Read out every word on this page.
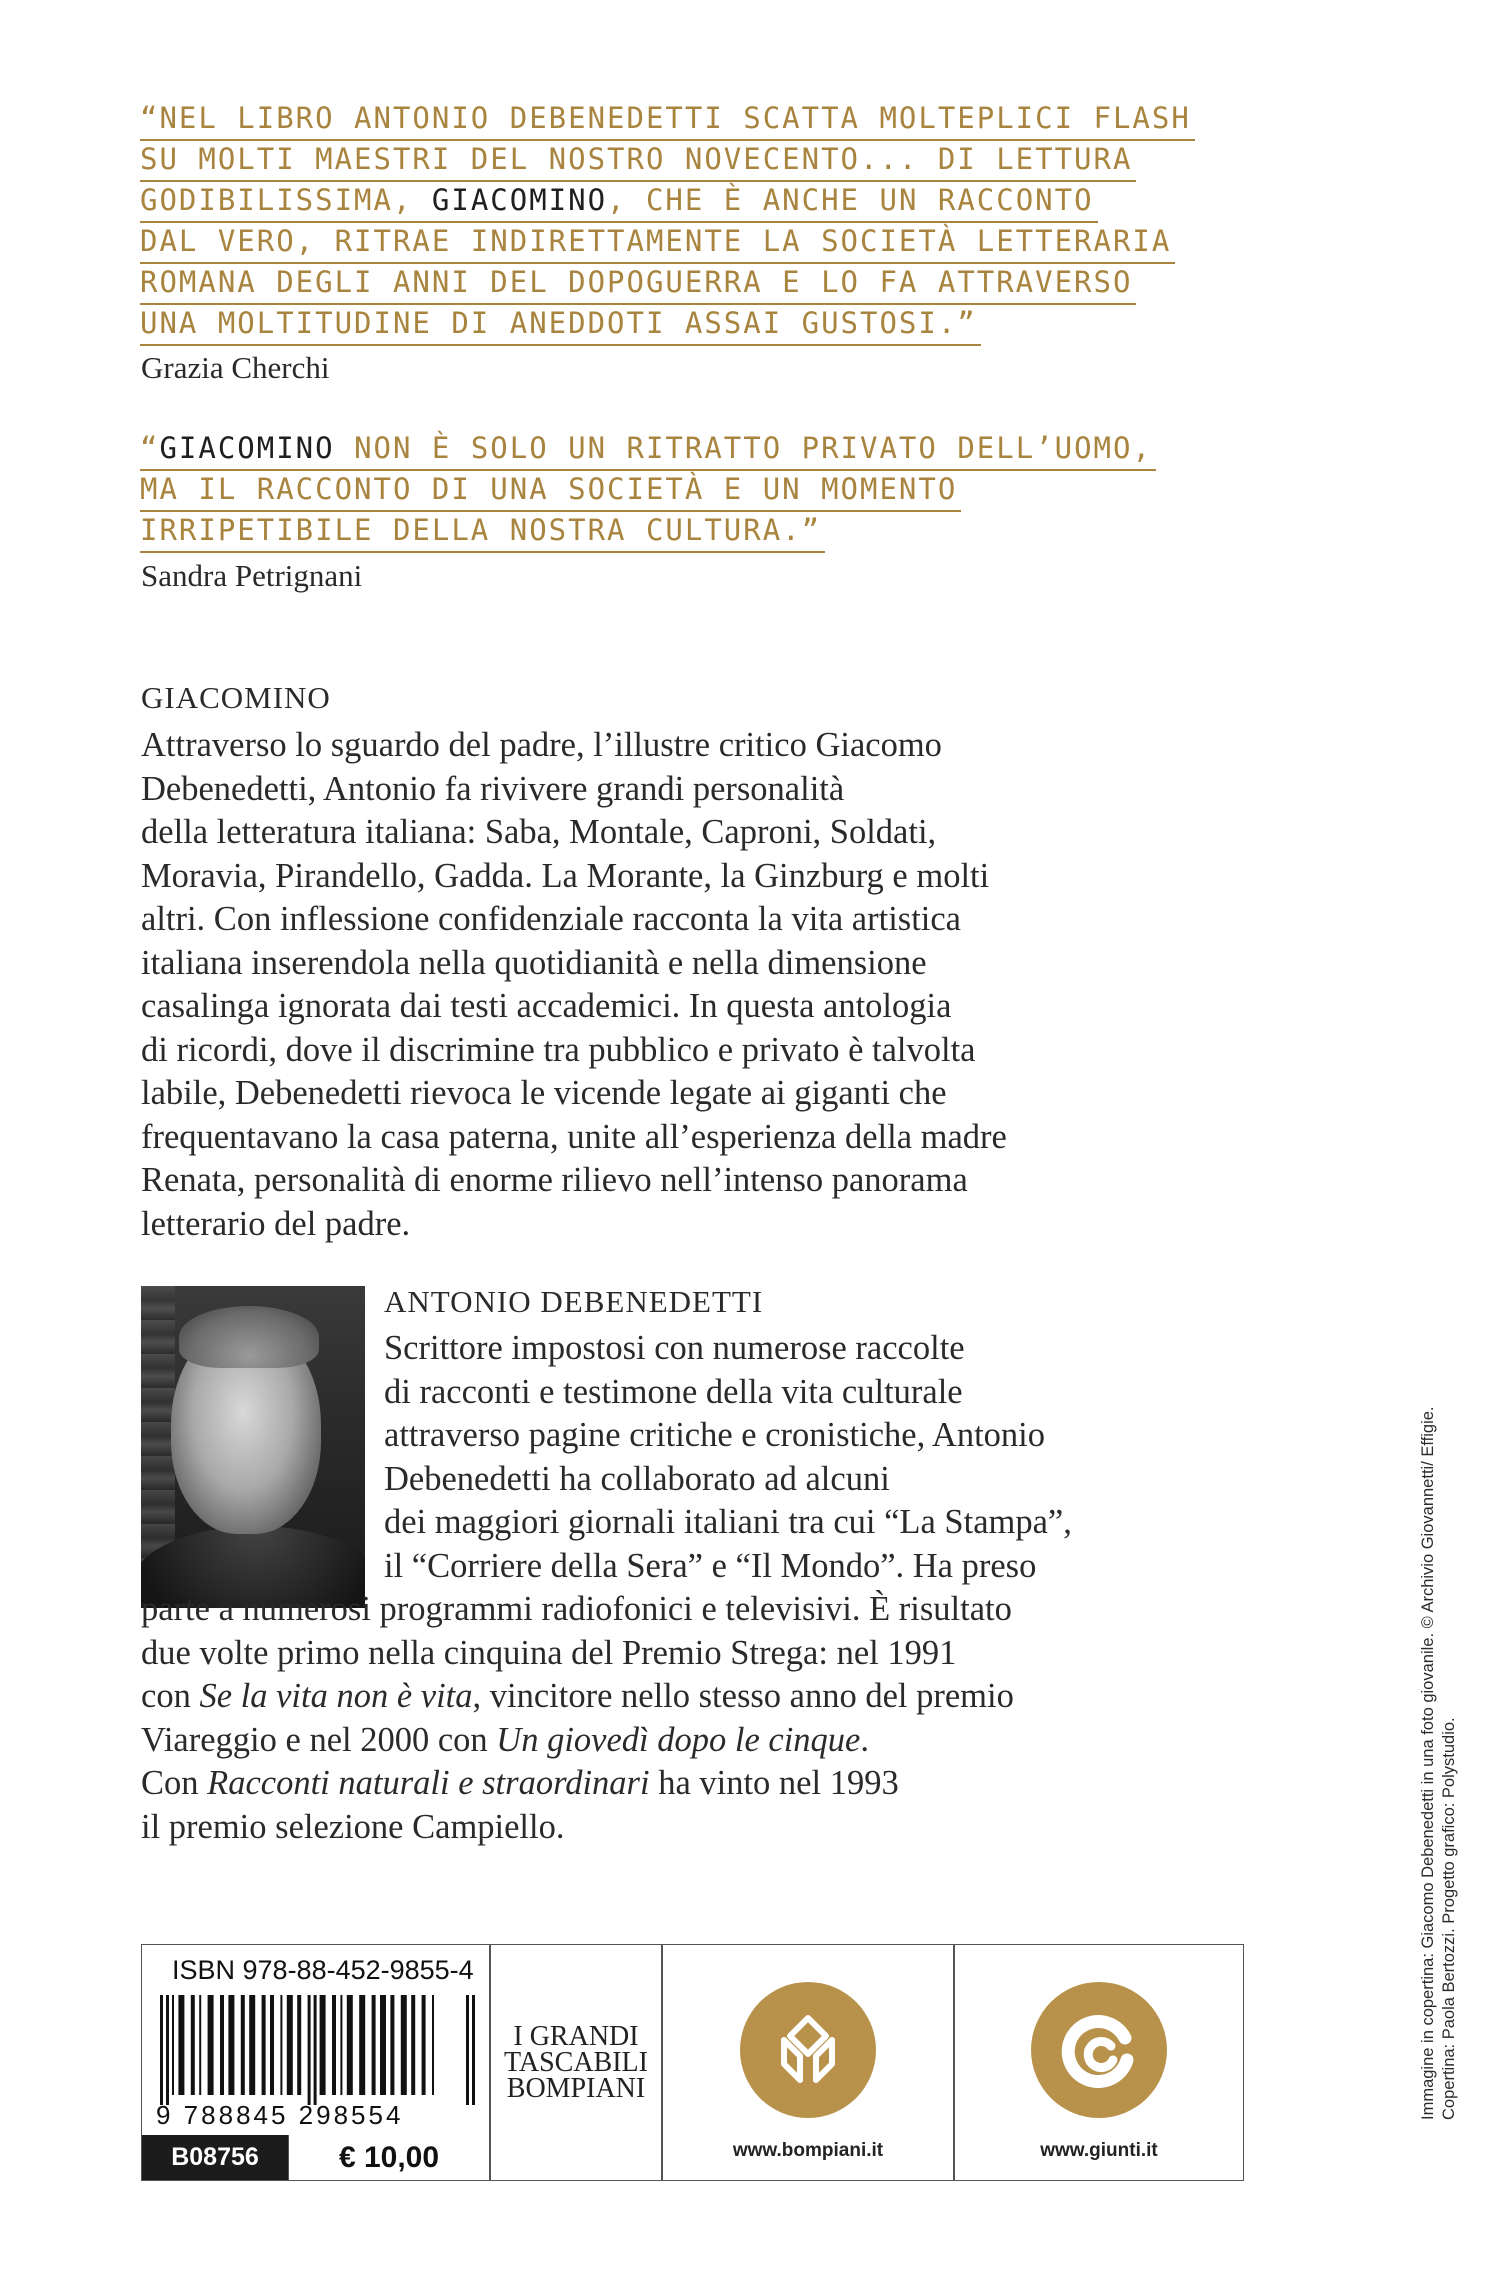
“NEL LIBRO ANTONIO DEBENEDETTI SCATTA MOLTEPLICI FLASH
SU MOLTI MAESTRI DEL NOSTRO NOVECENTO... DI LETTURA
GODIBILISSIMA, GIACOMINO, CHE È ANCHE UN RACCONTO
DAL VERO, RITRAE INDIRETTAMENTE LA SOCIETÀ LETTERARIA
ROMANA DEGLI ANNI DEL DOPOGUERRA E LO FA ATTRAVERSO
UNA MOLTITUDINE DI ANEDDOTI ASSAI GUSTOSI.”
Grazia Cherchi
“GIACOMINO NON È SOLO UN RITRATTO PRIVATO DELL’UOMO,
MA IL RACCONTO DI UNA SOCIETÀ E UN MOMENTO
IRRIPETIBILE DELLA NOSTRA CULTURA.”
Sandra Petrignani
GIACOMINO
Attraverso lo sguardo del padre, l’illustre critico Giacomo
Debenedetti, Antonio fa rivivere grandi personalità
della letteratura italiana: Saba, Montale, Caproni, Soldati,
Moravia, Pirandello, Gadda. La Morante, la Ginzburg e molti
altri. Con inflessione confidenziale racconta la vita artistica
italiana inserendola nella quotidianità e nella dimensione
casalinga ignorata dai testi accademici. In questa antologia
di ricordi, dove il discrimine tra pubblico e privato è talvolta
labile, Debenedetti rievoca le vicende legate ai giganti che
frequentavano la casa paterna, unite all’esperienza della madre
Renata, personalità di enorme rilievo nell’intenso panorama
letterario del padre.
ANTONIO DEBENEDETTI
Scrittore impostosi con numerose raccolte
di racconti e testimone della vita culturale
attraverso pagine critiche e cronistiche, Antonio
Debenedetti ha collaborato ad alcuni
dei maggiori giornali italiani tra cui “La Stampa”,
il “Corriere della Sera” e “Il Mondo”. Ha preso
parte a numerosi programmi radiofonici e televisivi. È risultato
due volte primo nella cinquina del Premio Strega: nel 1991
con Se la vita non è vita, vincitore nello stesso anno del premio
Viareggio e nel 2000 con Un giovedì dopo le cinque.
Con Racconti naturali e straordinari ha vinto nel 1993
il premio selezione Campiello.	Immagine in copertina: Giacomo Debenedetti in una foto giovanile. © Archivio Giovannetti/ Effigie. Copertina: Paola Bertozzi. Progetto grafico: Polystudio.
ISBN 978-88-452-9855-4
9 788845 298554
B08756	€ 10,00
I GRANDI
TASCABILI
BOMPIANI
www.bompiani.it	www.giunti.it
